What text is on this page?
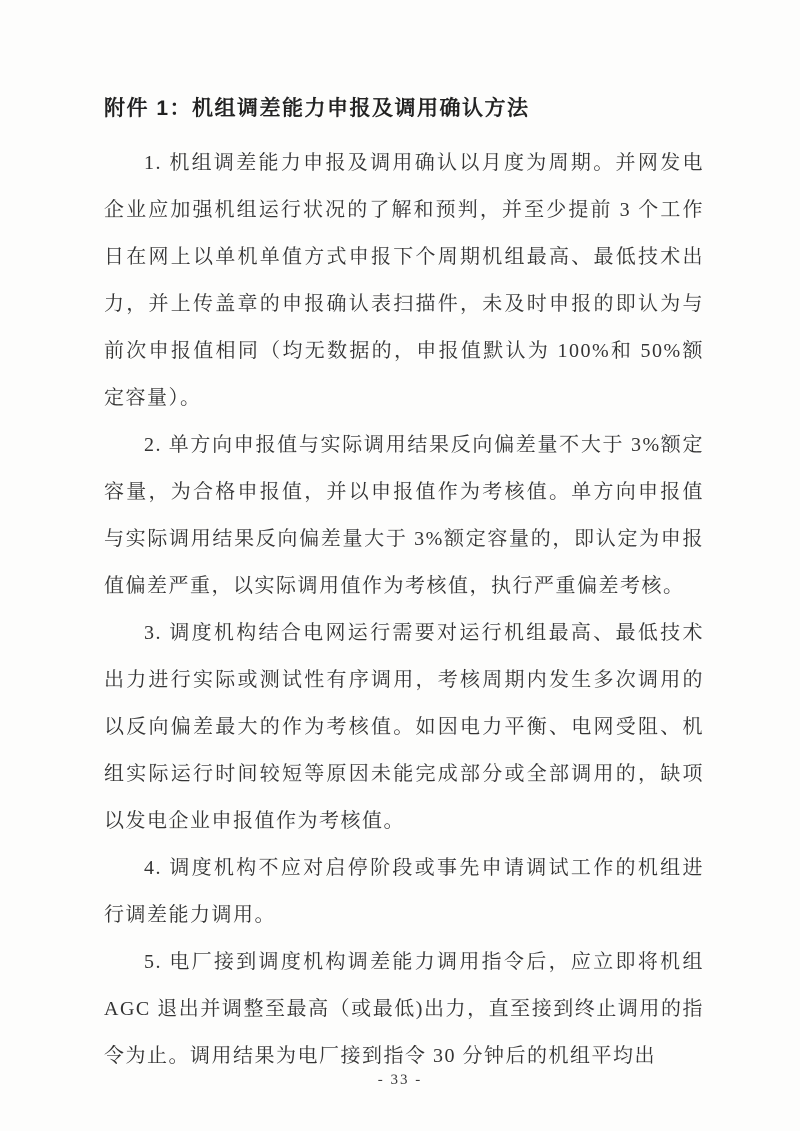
附件 1：机组调差能力申报及调用确认方法

1. 机组调差能力申报及调用确认以月度为周期。并网发电企业应加强机组运行状况的了解和预判，并至少提前 3 个工作日在网上以单机单值方式申报下个周期机组最高、最低技术出力，并上传盖章的申报确认表扫描件，未及时申报的即认为与前次申报值相同（均无数据的，申报值默认为 100%和 50%额定容量）。

2. 单方向申报值与实际调用结果反向偏差量不大于 3%额定容量，为合格申报值，并以申报值作为考核值。单方向申报值与实际调用结果反向偏差量大于 3%额定容量的，即认定为申报值偏差严重，以实际调用值作为考核值，执行严重偏差考核。

3. 调度机构结合电网运行需要对运行机组最高、最低技术出力进行实际或测试性有序调用，考核周期内发生多次调用的以反向偏差最大的作为考核值。如因电力平衡、电网受阻、机组实际运行时间较短等原因未能完成部分或全部调用的，缺项以发电企业申报值作为考核值。

4. 调度机构不应对启停阶段或事先申请调试工作的机组进行调差能力调用。

5. 电厂接到调度机构调差能力调用指令后，应立即将机组 AGC 退出并调整至最高（或最低)出力，直至接到终止调用的指令为止。调用结果为电厂接到指令 30 分钟后的机组平均出

- 33 -
